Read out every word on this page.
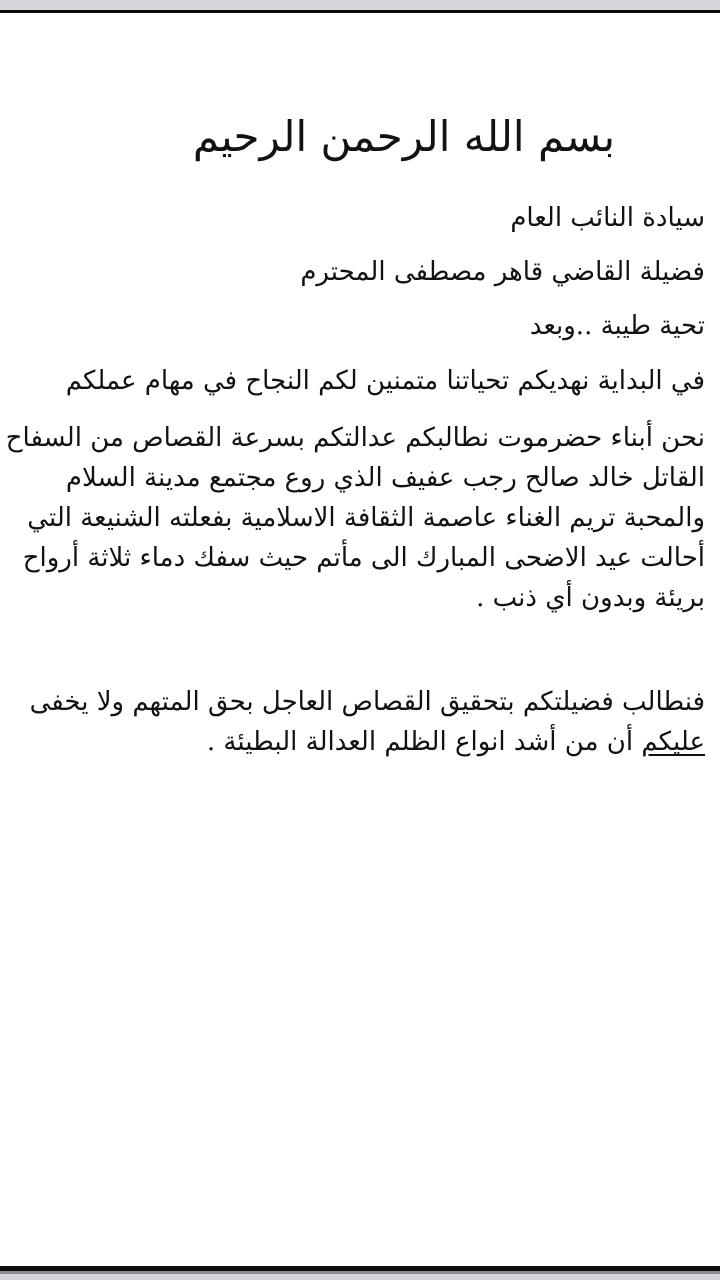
بسم الله الرحمن الرحيم
سيادة النائب العام
فضيلة القاضي قاهر مصطفى المحترم
تحية طيبة ..وبعد
في البداية نهديكم تحياتنا متمنين لكم النجاح في مهام عملكم
نحن أبناء حضرموت نطالبكم عدالتكم بسرعة القصاص من السفاح
القاتل خالد صالح رجب عفيف الذي روع مجتمع مدينة السلام
والمحبة تريم الغناء عاصمة الثقافة الاسلامية بفعلته الشنيعة التي
أحالت عيد الاضحى المبارك الى مأتم حيث سفك دماء ثلاثة أرواح
بريئة وبدون أي ذنب .
فنطالب فضيلتكم بتحقيق القصاص العاجل بحق المتهم ولا يخفى
عليكم أن من أشد انواع الظلم العدالة البطيئة .
